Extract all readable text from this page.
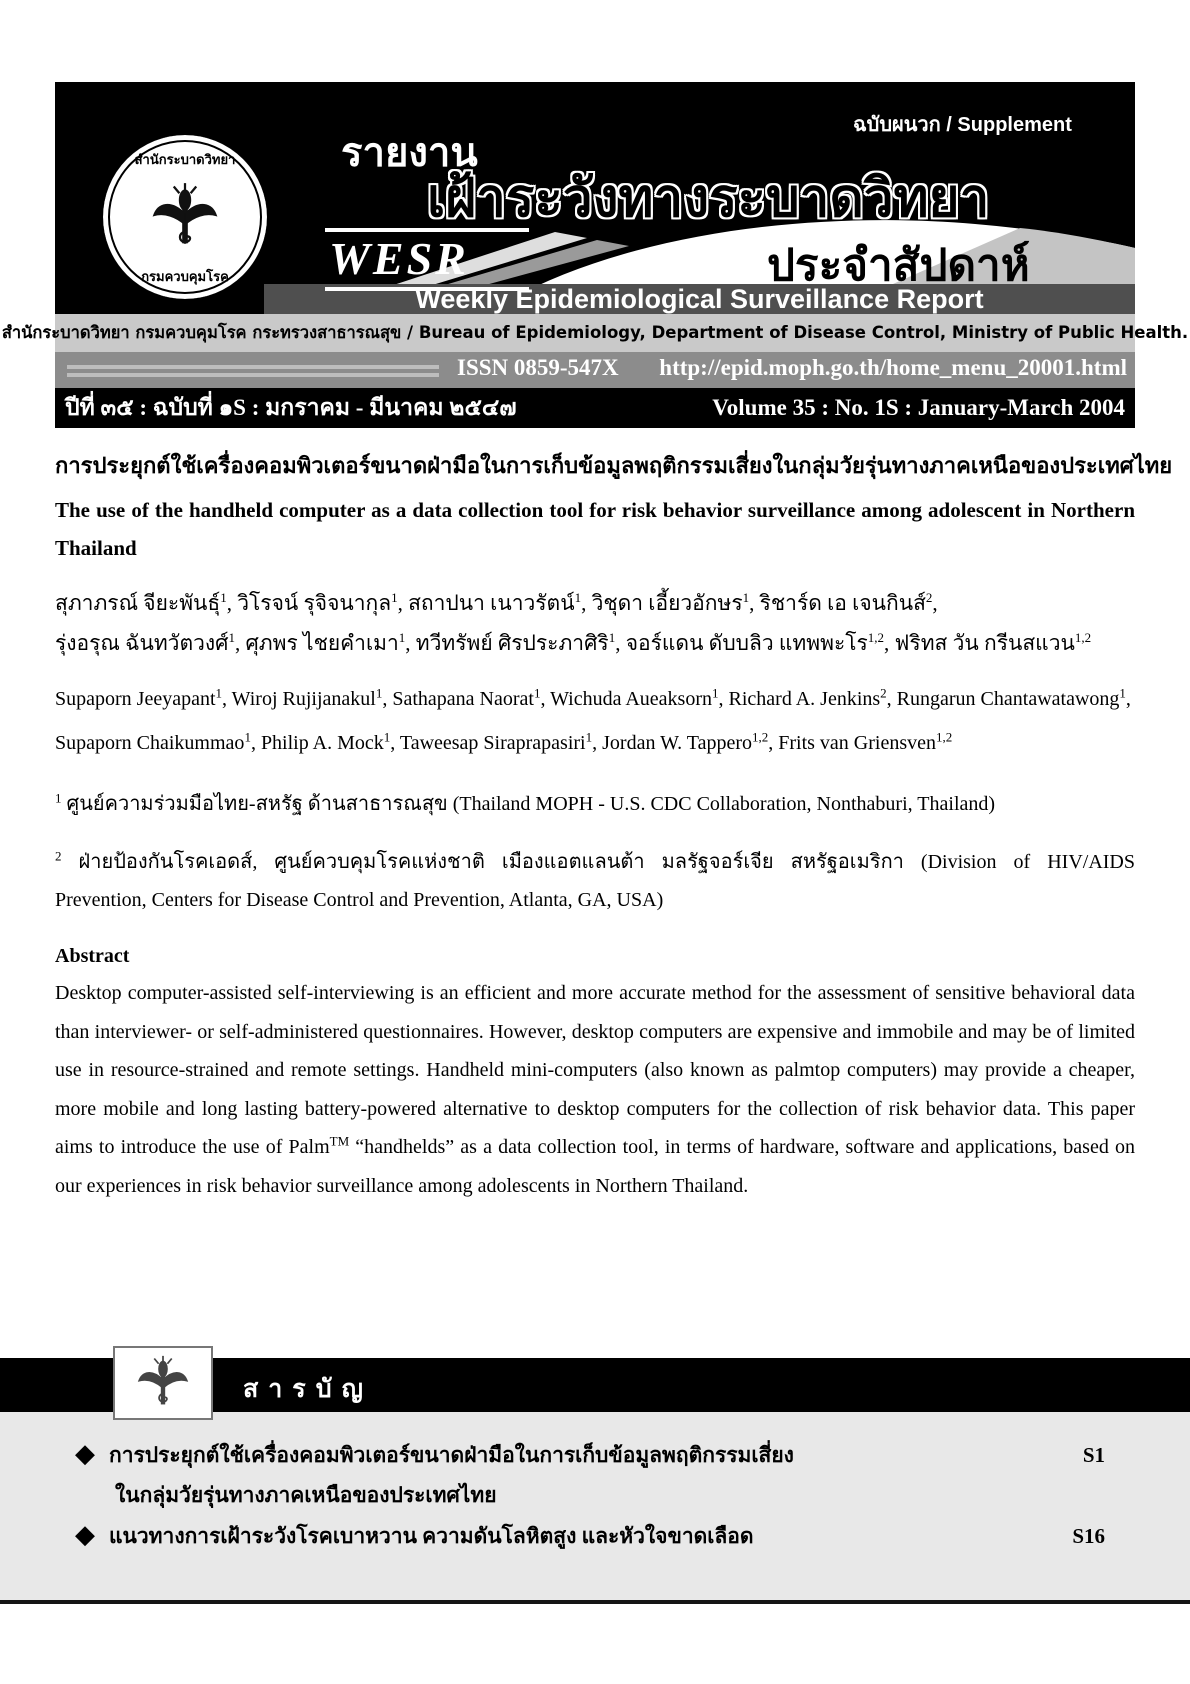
ฉบับผนวก / Supplement
รายงาน
เฝ้าระวังทางระบาดวิทยา
WESR	ประจำสัปดาห์
สำนักระบาดวิทยา
กรมควบคุมโรค
Weekly Epidemiological Surveillance Report
สำนักระบาดวิทยา กรมควบคุมโรค กระทรวงสาธารณสุข / Bureau of Epidemiology, Department of Disease Control, Ministry of Public Health.
ISSN 0859-547X http://epid.moph.go.th/home_menu_20001.html
ปีที่ ๓๕ : ฉบับที่ ๑S : มกราคม - มีนาคม ๒๕๔๗	Volume 35 : No. 1S : January-March 2004
การประยุกต์ใช้เครื่องคอมพิวเตอร์ขนาดฝ่ามือในการเก็บข้อมูลพฤติกรรมเสี่ยงในกลุ่มวัยรุ่นทางภาคเหนือของประเทศไทย
The use of the handheld computer as a data collection tool for risk behavior surveillance among adolescent in Northern Thailand
สุภาภรณ์ จียะพันธุ์$^1$, วิโรจน์ รุจิจนากุล$^1$, สถาปนา เนาวรัตน์$^1$, วิชุดา เอี้ยวอักษร$^1$, ริชาร์ด เอ เจนกินส์$^2$,
รุ่งอรุณ ฉันทวัตวงศ์$^1$, ศุภพร ไชยคำเมา$^1$, ทวีทรัพย์ ศิรประภาศิริ$^1$, จอร์แดน ดับบลิว แทพพะโร$^{1,2}$, ฟริทส วัน กรีนสแวน$^{1,2}$
Supaporn Jeeyapant$^1$, Wiroj Rujijanakul$^1$, Sathapana Naorat$^1$, Wichuda Aueaksorn$^1$, Richard A. Jenkins$^2$, Rungarun Chantawatawong$^1$,
Supaporn Chaikummao$^1$, Philip A. Mock$^1$, Taweesap Siraprapasiri$^1$, Jordan W. Tappero$^{1,2}$, Frits van Griensven$^{1,2}$
$^1$ ศูนย์ความร่วมมือไทย-สหรัฐ ด้านสาธารณสุข (Thailand MOPH - U.S. CDC Collaboration, Nonthaburi, Thailand)
$^2$ ฝ่ายป้องกันโรคเอดส์, ศูนย์ควบคุมโรคแห่งชาติ เมืองแอตแลนต้า มลรัฐจอร์เจีย สหรัฐอเมริกา (Division of HIV/AIDS Prevention, Centers for Disease Control and Prevention, Atlanta, GA, USA)
Abstract
Desktop computer-assisted self-interviewing is an efficient and more accurate method for the assessment of sensitive behavioral data than interviewer- or self-administered questionnaires. However, desktop computers are expensive and immobile and may be of limited use in resource-strained and remote settings. Handheld mini-computers (also known as palmtop computers) may provide a cheaper, more mobile and long lasting battery-powered alternative to desktop computers for the collection of risk behavior data. This paper aims to introduce the use of Palm™ “handhelds” as a data collection tool, in terms of hardware, software and applications, based on our experiences in risk behavior surveillance among adolescents in Northern Thailand.
สารบัญ
◆ การประยุกต์ใช้เครื่องคอมพิวเตอร์ขนาดฝ่ามือในการเก็บข้อมูลพฤติกรรมเสี่ยง	S1
ในกลุ่มวัยรุ่นทางภาคเหนือของประเทศไทย
◆ แนวทางการเฝ้าระวังโรคเบาหวาน ความดันโลหิตสูง และหัวใจขาดเลือด	S16
